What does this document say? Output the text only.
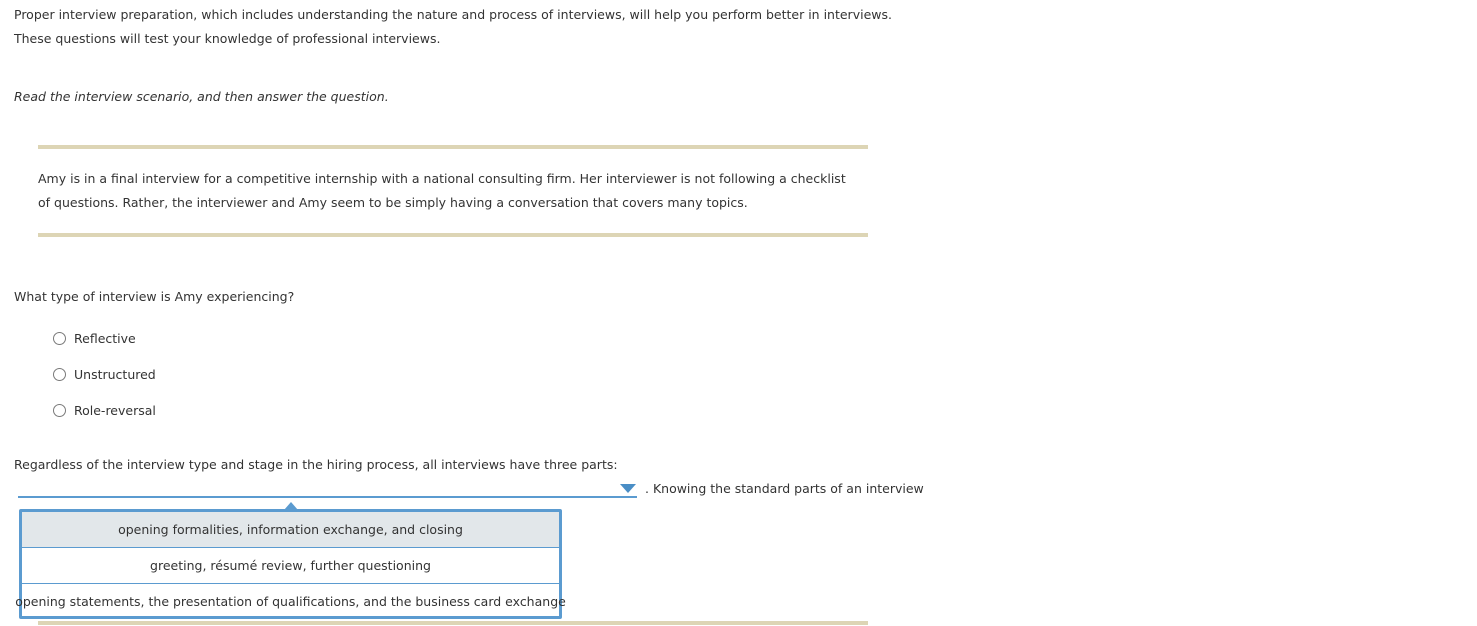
Proper interview preparation, which includes understanding the nature and process of interviews, will help you perform better in interviews. These questions will test your knowledge of professional interviews.

Read the interview scenario, and then answer the question.

Amy is in a final interview for a competitive internship with a national consulting firm. Her interviewer is not following a checklist of questions. Rather, the interviewer and Amy seem to be simply having a conversation that covers many topics.

What type of interview is Amy experiencing?

Reflective
Unstructured
Role-reversal

Regardless of the interview type and stage in the hiring process, all interviews have three parts:

. Knowing the standard parts of an interview

opening formalities, information exchange, and closing
greeting, résumé review, further questioning
opening statements, the presentation of qualifications, and the business card exchange
